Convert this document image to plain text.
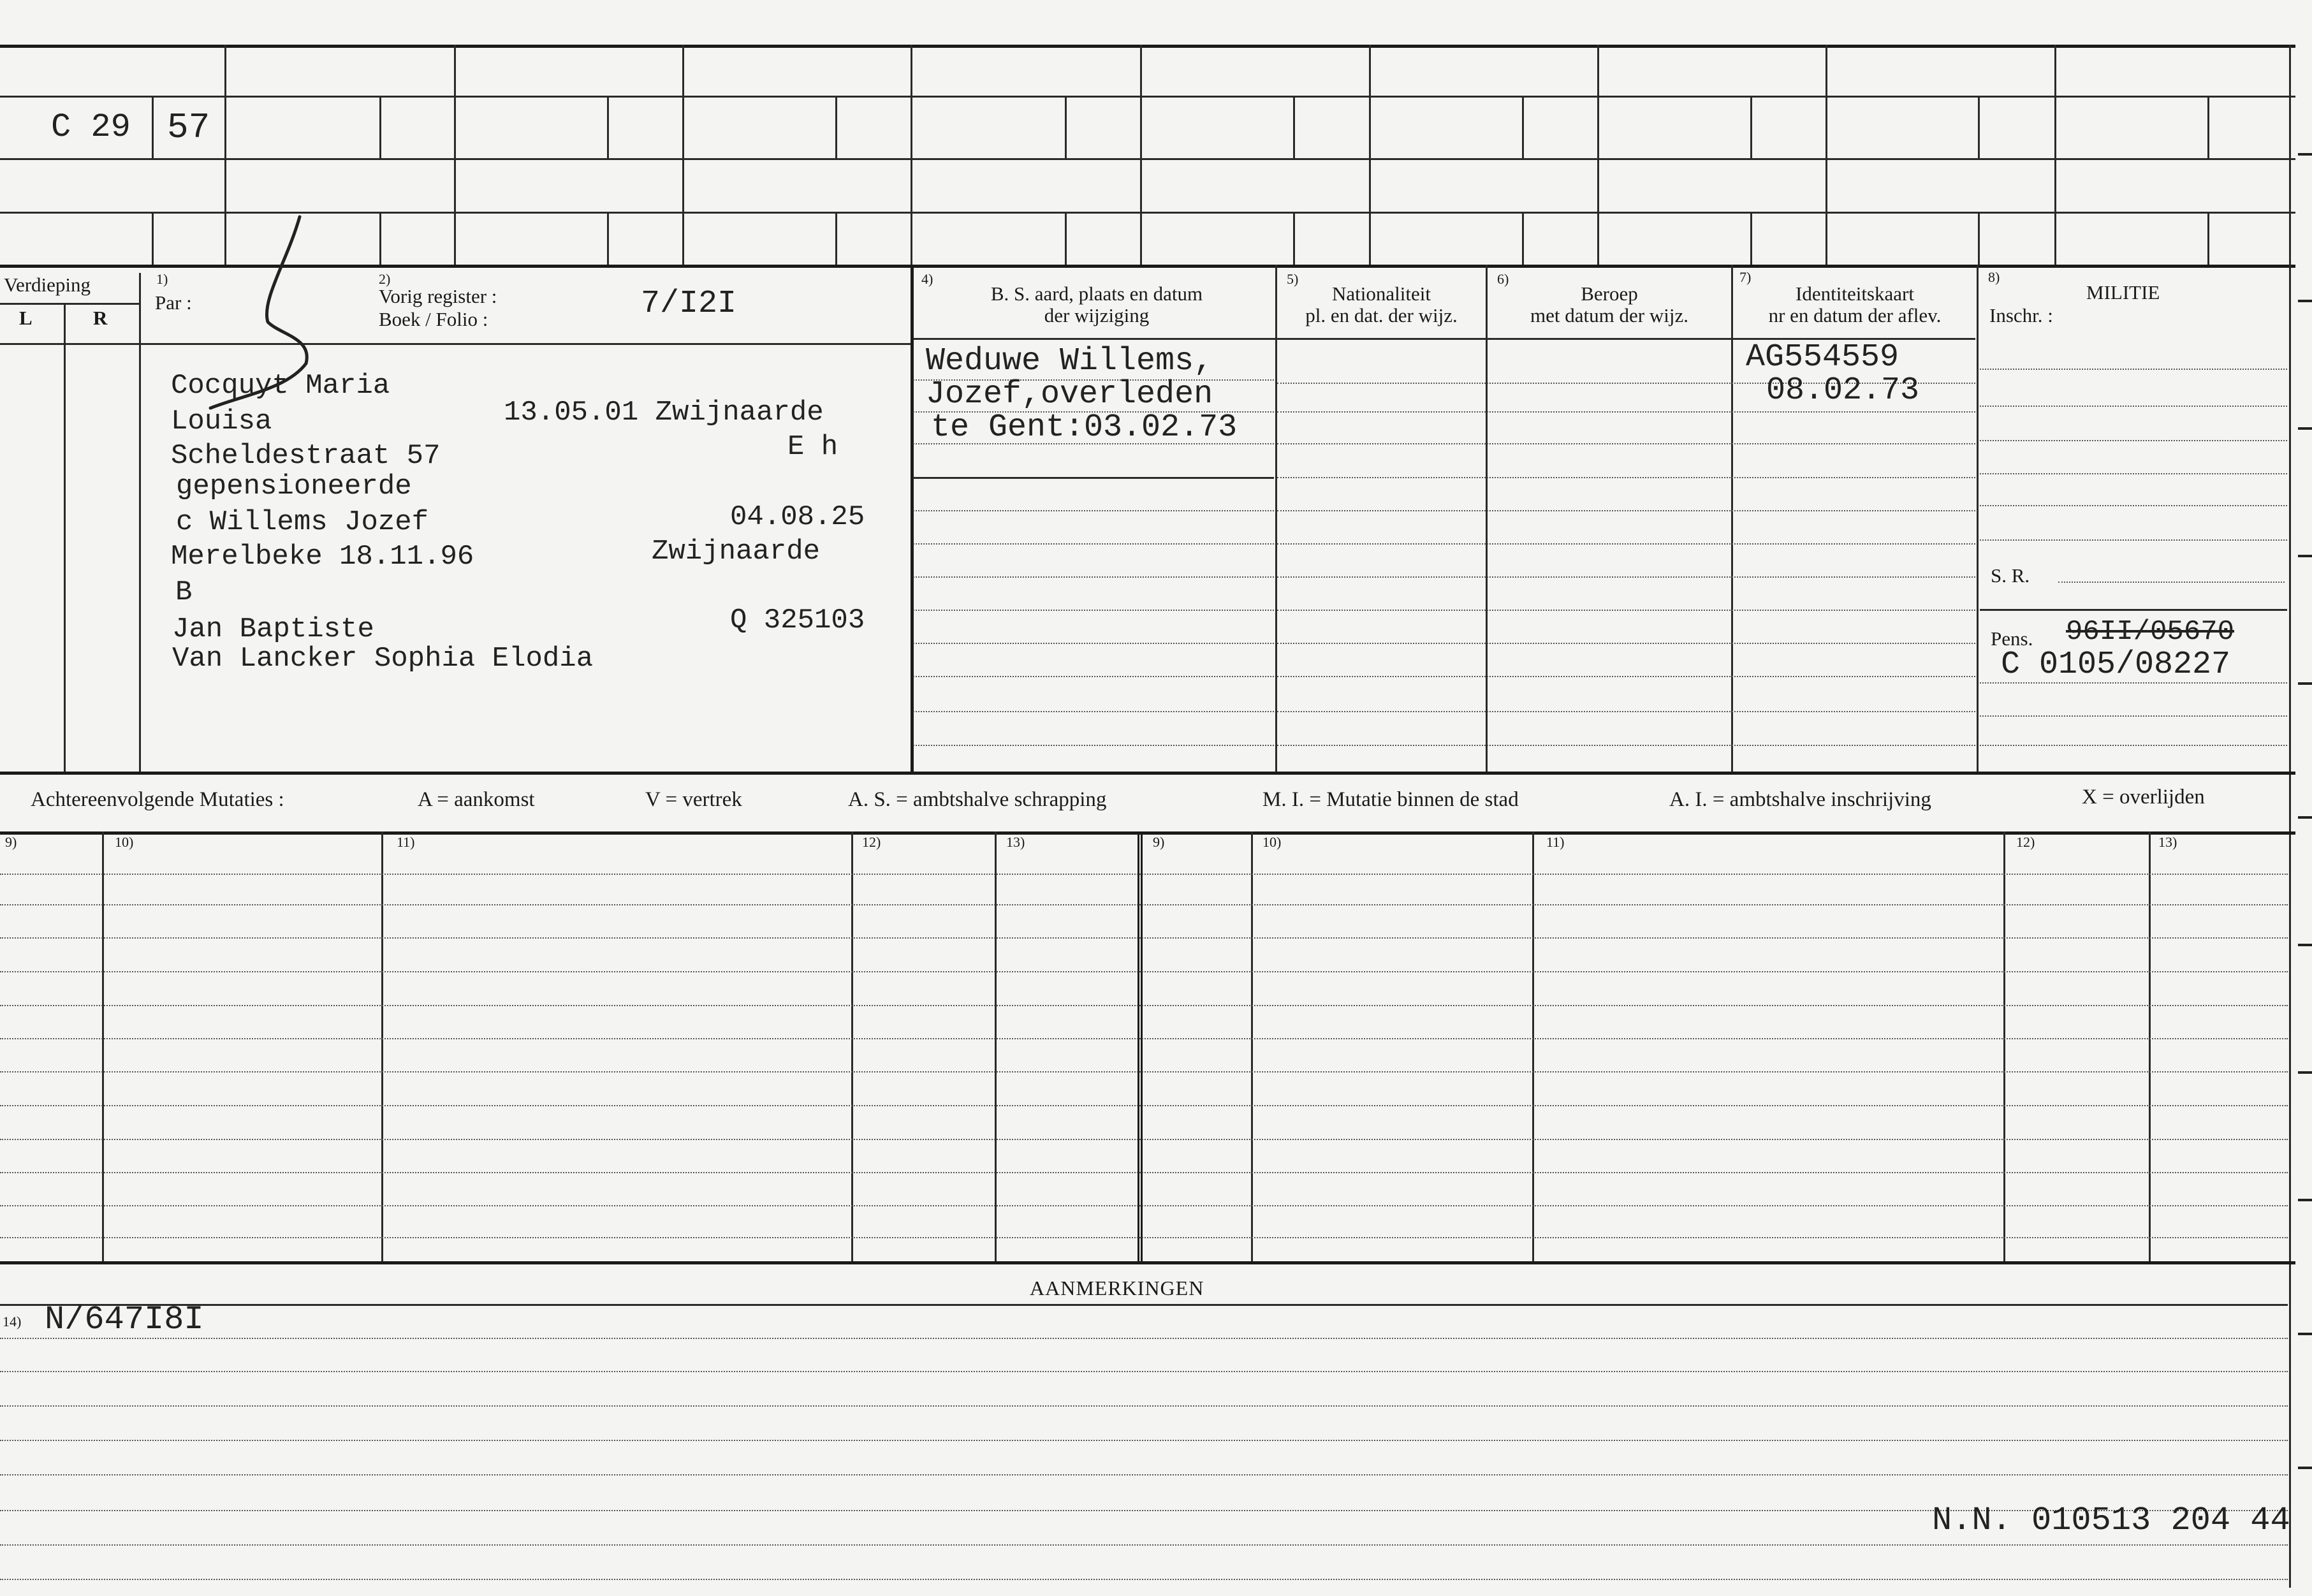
C 29 57
Verdieping
L	R
1)
Par :
2)
Vorig register :
Boek / Folio :	7/I2I
4)
B. S. aard, plaats en datum
der wijziging
5)
Nationaliteit
pl. en dat. der wijz.
6)
Beroep
met datum der wijz.
7)
Identiteitskaart
nr en datum der aflev.
8)
MILITIE
Inschr. :
Cocquyt Maria
Louisa	13.05.01 Zwijnaarde
Scheldestraat 57	E h
gepensioneerde
c Willems Jozef	04.08.25
Merelbeke 18.11.96	Zwijnaarde
B
Jan Baptiste	Q 325103
Van Lancker Sophia Elodia
Weduwe Willems,
Jozef,overleden
te Gent:03.02.73
AG554559
08.02.73
S. R.
Pens. 96II/05670
C 0105/08227
Achtereenvolgende Mutaties :	A = aankomst	V = vertrek	A. S. = ambtshalve schrapping	M. I. = Mutatie binnen de stad	A. I. = ambtshalve inschrijving	X = overlijden
9)	10)	11)	12)	13)	9)	10)	11)	12)	13)
AANMERKINGEN
14) N/647I8I
N.N. 010513 204 44
